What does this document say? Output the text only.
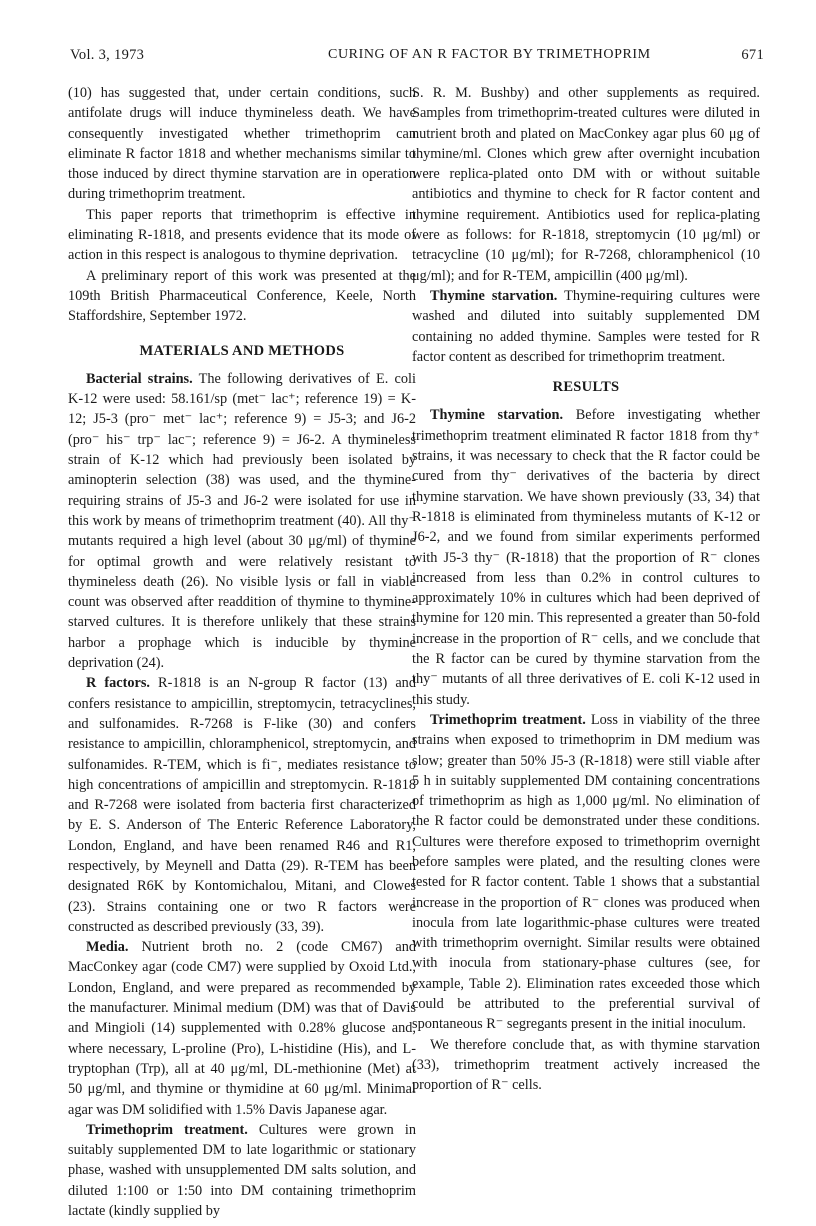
Vol. 3, 1973	CURING OF AN R FACTOR BY TRIMETHOPRIM	671

(10) has suggested that, under certain conditions, such antifolate drugs will induce thymineless death. We have consequently investigated whether trimethoprim can eliminate R factor 1818 and whether mechanisms similar to those induced by direct thymine starvation are in operation during trimethoprim treatment.

This paper reports that trimethoprim is effective in eliminating R-1818, and presents evidence that its mode of action in this respect is analogous to thymine deprivation.

A preliminary report of this work was presented at the 109th British Pharmaceutical Conference, Keele, North Staffordshire, September 1972.

MATERIALS AND METHODS

Bacterial strains. The following derivatives of E. coli K-12 were used: 58.161/sp (met⁻ lac⁺; reference 19) = K-12; J5-3 (pro⁻ met⁻ lac⁺; reference 9) = J5-3; and J6-2 (pro⁻ his⁻ trp⁻ lac⁻; reference 9) = J6-2. A thymineless strain of K-12 which had previously been isolated by aminopterin selection (38) was used, and the thymine-requiring strains of J5-3 and J6-2 were isolated for use in this work by means of trimethoprim treatment (40). All thy⁻ mutants required a high level (about 30 μg/ml) of thymine for optimal growth and were relatively resistant to thymineless death (26). No visible lysis or fall in viable count was observed after readdition of thymine to thymine-starved cultures. It is therefore unlikely that these strains harbor a prophage which is inducible by thymine deprivation (24).

R factors. R-1818 is an N-group R factor (13) and confers resistance to ampicillin, streptomycin, tetracyclines, and sulfonamides. R-7268 is F-like (30) and confers resistance to ampicillin, chloramphenicol, streptomycin, and sulfonamides. R-TEM, which is fi⁻, mediates resistance to high concentrations of ampicillin and streptomycin. R-1818 and R-7268 were isolated from bacteria first characterized by E. S. Anderson of The Enteric Reference Laboratory, London, England, and have been renamed R46 and R1, respectively, by Meynell and Datta (29). R-TEM has been designated R6K by Kontomichalou, Mitani, and Clowes (23). Strains containing one or two R factors were constructed as described previously (33, 39).

Media. Nutrient broth no. 2 (code CM67) and MacConkey agar (code CM7) were supplied by Oxoid Ltd., London, England, and were prepared as recommended by the manufacturer. Minimal medium (DM) was that of Davis and Mingioli (14) supplemented with 0.28% glucose and, where necessary, L-proline (Pro), L-histidine (His), and L-tryptophan (Trp), all at 40 μg/ml, DL-methionine (Met) at 50 μg/ml, and thymine or thymidine at 60 μg/ml. Minimal agar was DM solidified with 1.5% Davis Japanese agar.

Trimethoprim treatment. Cultures were grown in suitably supplemented DM to late logarithmic or stationary phase, washed with unsupplemented DM salts solution, and diluted 1:100 or 1:50 into DM containing trimethoprim lactate (kindly supplied by

S. R. M. Bushby) and other supplements as required. Samples from trimethoprim-treated cultures were diluted in nutrient broth and plated on MacConkey agar plus 60 μg of thymine/ml. Clones which grew after overnight incubation were replica-plated onto DM with or without suitable antibiotics and thymine to check for R factor content and thymine requirement. Antibiotics used for replica-plating were as follows: for R-1818, streptomycin (10 μg/ml) or tetracycline (10 μg/ml); for R-7268, chloramphenicol (10 μg/ml); and for R-TEM, ampicillin (400 μg/ml).

Thymine starvation. Thymine-requiring cultures were washed and diluted into suitably supplemented DM containing no added thymine. Samples were tested for R factor content as described for trimethoprim treatment.

RESULTS

Thymine starvation. Before investigating whether trimethoprim treatment eliminated R factor 1818 from thy⁺ strains, it was necessary to check that the R factor could be cured from thy⁻ derivatives of the bacteria by direct thymine starvation. We have shown previously (33, 34) that R-1818 is eliminated from thymineless mutants of K-12 or J6-2, and we found from similar experiments performed with J5-3 thy⁻ (R-1818) that the proportion of R⁻ clones increased from less than 0.2% in control cultures to approximately 10% in cultures which had been deprived of thymine for 120 min. This represented a greater than 50-fold increase in the proportion of R⁻ cells, and we conclude that the R factor can be cured by thymine starvation from the thy⁻ mutants of all three derivatives of E. coli K-12 used in this study.

Trimethoprim treatment. Loss in viability of the three strains when exposed to trimethoprim in DM medium was slow; greater than 50% J5-3 (R-1818) were still viable after 5 h in suitably supplemented DM containing concentrations of trimethoprim as high as 1,000 μg/ml. No elimination of the R factor could be demonstrated under these conditions. Cultures were therefore exposed to trimethoprim overnight before samples were plated, and the resulting clones were tested for R factor content. Table 1 shows that a substantial increase in the proportion of R⁻ clones was produced when inocula from late logarithmic-phase cultures were treated with trimethoprim overnight. Similar results were obtained with inocula from stationary-phase cultures (see, for example, Table 2). Elimination rates exceeded those which could be attributed to the preferential survival of spontaneous R⁻ segregants present in the initial inoculum.

We therefore conclude that, as with thymine starvation (33), trimethoprim treatment actively increased the proportion of R⁻ cells.
